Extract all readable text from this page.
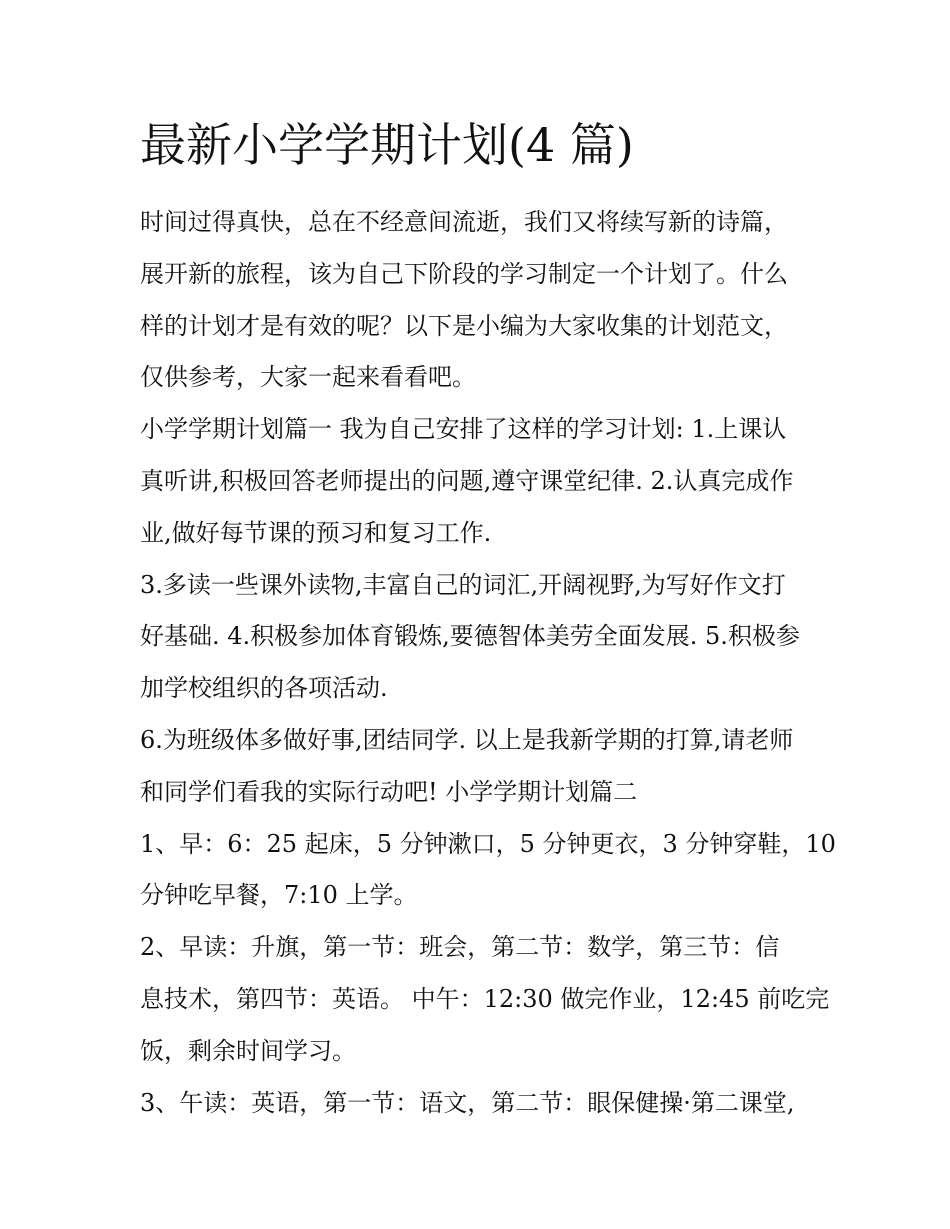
最新小学学期计划(4 篇)
时间过得真快，总在不经意间流逝，我们又将续写新的诗篇，
展开新的旅程，该为自己下阶段的学习制定一个计划了。什么
样的计划才是有效的呢？以下是小编为大家收集的计划范文，
仅供参考，大家一起来看看吧。
小学学期计划篇一 我为自己安排了这样的学习计划: 1.上课认
真听讲,积极回答老师提出的问题,遵守课堂纪律. 2.认真完成作
业,做好每节课的预习和复习工作.
3.多读一些课外读物,丰富自己的词汇,开阔视野,为写好作文打
好基础. 4.积极参加体育锻炼,要德智体美劳全面发展. 5.积极参
加学校组织的各项活动.
6.为班级体多做好事,团结同学. 以上是我新学期的打算,请老师
和同学们看我的实际行动吧! 小学学期计划篇二
1、早：6：25 起床，5 分钟漱口，5 分钟更衣，3 分钟穿鞋，10
分钟吃早餐，7:10 上学。
2、早读：升旗，第一节：班会，第二节：数学，第三节：信
息技术，第四节：英语。 中午：12:30 做完作业，12:45 前吃完
饭，剩余时间学习。
3、午读：英语，第一节：语文，第二节：眼保健操·第二课堂,
